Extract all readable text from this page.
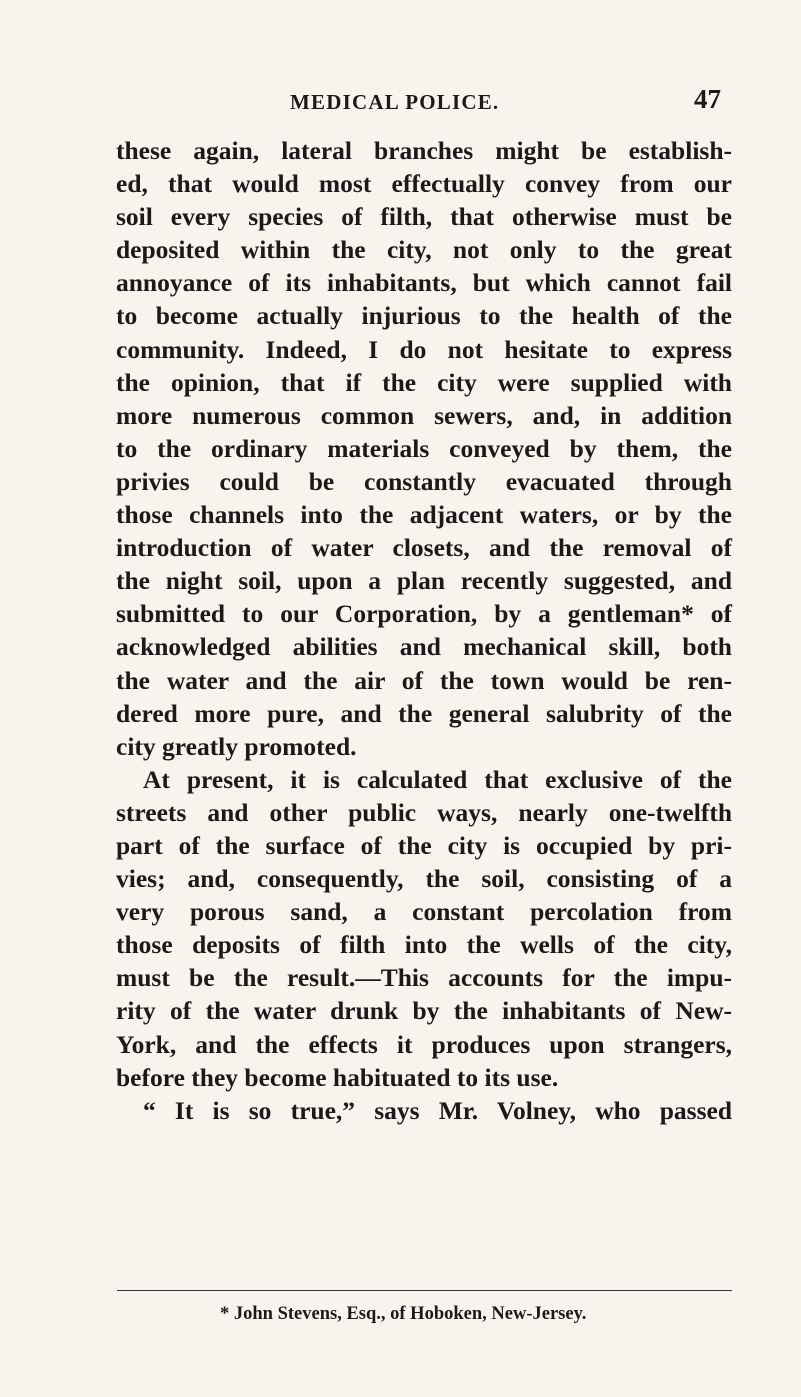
MEDICAL POLICE.	47
these again, lateral branches might be establish-
ed, that would most effectually convey from our
soil every species of filth, that otherwise must be
deposited within the city, not only to the great
annoyance of its inhabitants, but which cannot fail
to become actually injurious to the health of the
community. Indeed, I do not hesitate to express
the opinion, that if the city were supplied with
more numerous common sewers, and, in addition
to the ordinary materials conveyed by them, the
privies could be constantly evacuated through
those channels into the adjacent waters, or by the
introduction of water closets, and the removal of
the night soil, upon a plan recently suggested, and
submitted to our Corporation, by a gentleman* of
acknowledged abilities and mechanical skill, both
the water and the air of the town would be ren-
dered more pure, and the general salubrity of the
city greatly promoted.
At present, it is calculated that exclusive of the
streets and other public ways, nearly one-twelfth
part of the surface of the city is occupied by pri-
vies; and, consequently, the soil, consisting of a
very porous sand, a constant percolation from
those deposits of filth into the wells of the city,
must be the result.—This accounts for the impu-
rity of the water drunk by the inhabitants of New-
York, and the effects it produces upon strangers,
before they become habituated to its use.
“ It is so true,” says Mr. Volney, who passed
* John Stevens, Esq., of Hoboken, New-Jersey.
